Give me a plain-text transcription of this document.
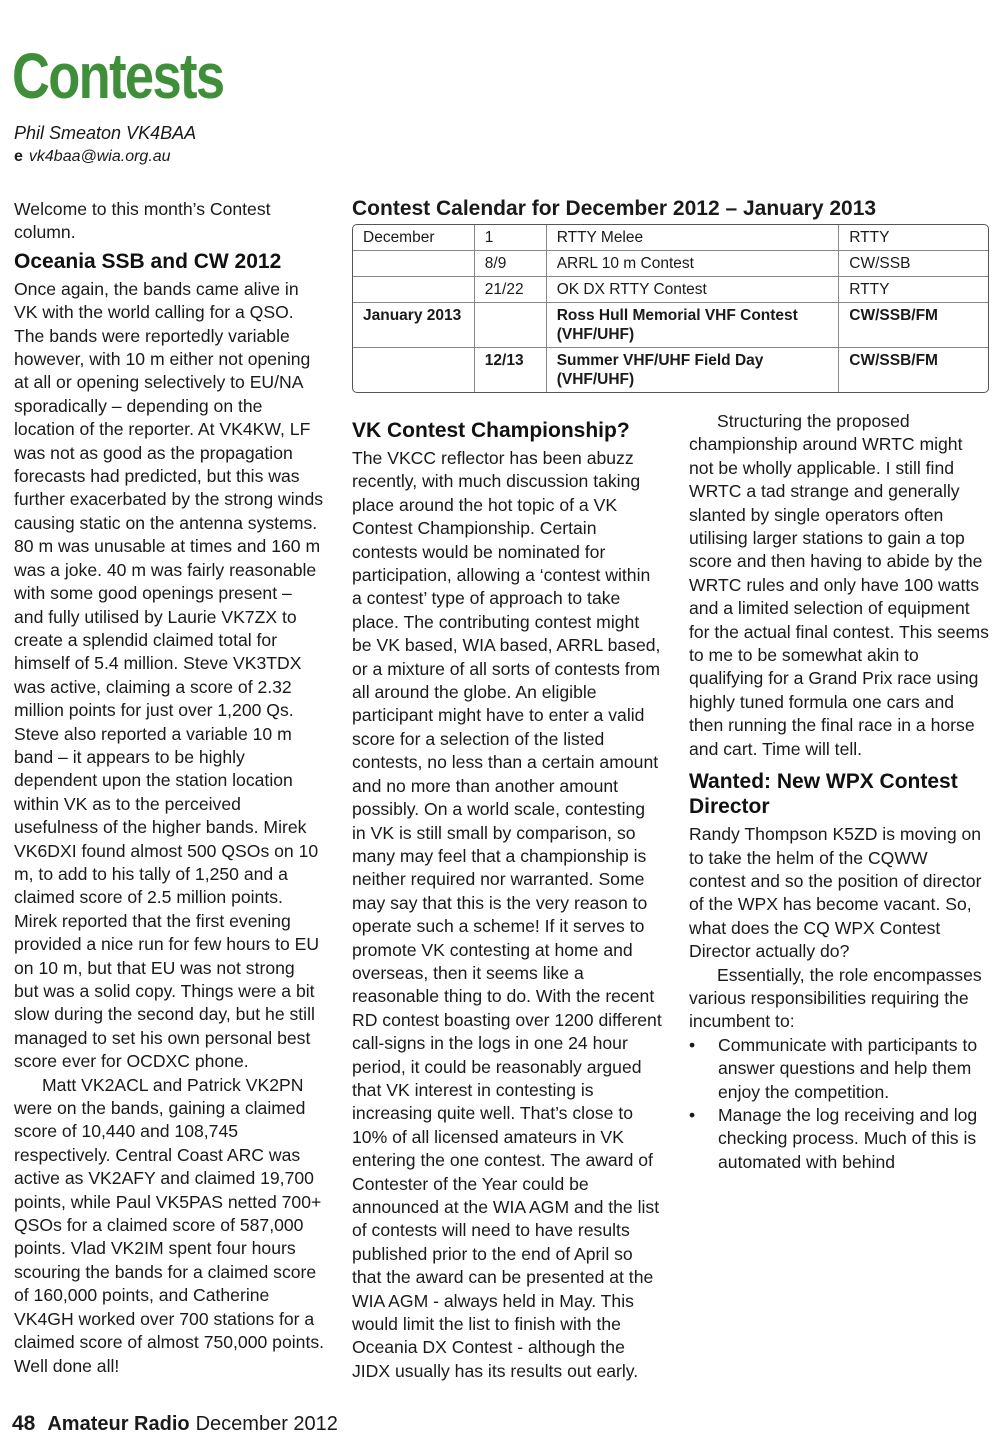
Contests
Phil Smeaton VK4BAA
e vk4baa@wia.org.au
Contest Calendar for December 2012 – January 2013
December	1	RTTY Melee	RTTY
	8/9	ARRL 10 m Contest	CW/SSB
	21/22	OK DX RTTY Contest	RTTY
January 2013		Ross Hull Memorial VHF Contest (VHF/UHF)	CW/SSB/FM
	12/13	Summer VHF/UHF Field Day (VHF/UHF)	CW/SSB/FM

Welcome to this month’s Contest column.

Oceania SSB and CW 2012

Once again, the bands came alive in VK with the world calling for a QSO. The bands were reportedly variable however, with 10 m either not opening at all or opening selectively to EU/NA sporadically – depending on the location of the reporter. At VK4KW, LF was not as good as the propagation forecasts had predicted, but this was further exacerbated by the strong winds causing static on the antenna systems. 80 m was unusable at times and 160 m was a joke. 40 m was fairly reasonable with some good openings present – and fully utilised by Laurie VK7ZX to create a splendid claimed total for himself of 5.4 million. Steve VK3TDX was active, claiming a score of 2.32 million points for just over 1,200 Qs. Steve also reported a variable 10 m band – it appears to be highly dependent upon the station location within VK as to the perceived usefulness of the higher bands. Mirek VK6DXI found almost 500 QSOs on 10 m, to add to his tally of 1,250 and a claimed score of 2.5 million points. Mirek reported that the first evening provided a nice run for few hours to EU on 10 m, but that EU was not strong but was a solid copy. Things were a bit slow during the second day, but he still managed to set his own personal best score ever for OCDXC phone.

Matt VK2ACL and Patrick VK2PN were on the bands, gaining a claimed score of 10,440 and 108,745 respectively. Central Coast ARC was active as VK2AFY and claimed 19,700 points, while Paul VK5PAS netted 700+ QSOs for a claimed score of 587,000 points. Vlad VK2IM spent four hours scouring the bands for a claimed score of 160,000 points, and Catherine VK4GH worked over 700 stations for a claimed score of almost 750,000 points. Well done all!

VK Contest Championship?

The VKCC reflector has been abuzz recently, with much discussion taking place around the hot topic of a VK Contest Championship. Certain contests would be nominated for participation, allowing a ‘contest within a contest’ type of approach to take place. The contributing contest might be VK based, WIA based, ARRL based, or a mixture of all sorts of contests from all around the globe. An eligible participant might have to enter a valid score for a selection of the listed contests, no less than a certain amount and no more than another amount possibly. On a world scale, contesting in VK is still small by comparison, so many may feel that a championship is neither required nor warranted. Some may say that this is the very reason to operate such a scheme! If it serves to promote VK contesting at home and overseas, then it seems like a reasonable thing to do. With the recent RD contest boasting over 1200 different call-signs in the logs in one 24 hour period, it could be reasonably argued that VK interest in contesting is increasing quite well. That’s close to 10% of all licensed amateurs in VK entering the one contest. The award of Contester of the Year could be announced at the WIA AGM and the list of contests will need to have results published prior to the end of April so that the award can be presented at the WIA AGM - always held in May. This would limit the list to finish with the Oceania DX Contest - although the JIDX usually has its results out early.

Structuring the proposed championship around WRTC might not be wholly applicable. I still find WRTC a tad strange and generally slanted by single operators often utilising larger stations to gain a top score and then having to abide by the WRTC rules and only have 100 watts and a limited selection of equipment for the actual final contest. This seems to me to be somewhat akin to qualifying for a Grand Prix race using highly tuned formula one cars and then running the final race in a horse and cart. Time will tell.

Wanted: New WPX Contest Director

Randy Thompson K5ZD is moving on to take the helm of the CQWW contest and so the position of director of the WPX has become vacant. So, what does the CQ WPX Contest Director actually do?

Essentially, the role encompasses various responsibilities requiring the incumbent to:

• Communicate with participants to answer questions and help them enjoy the competition.
• Manage the log receiving and log checking process. Much of this is automated with behind
48 Amateur Radio December 2012
